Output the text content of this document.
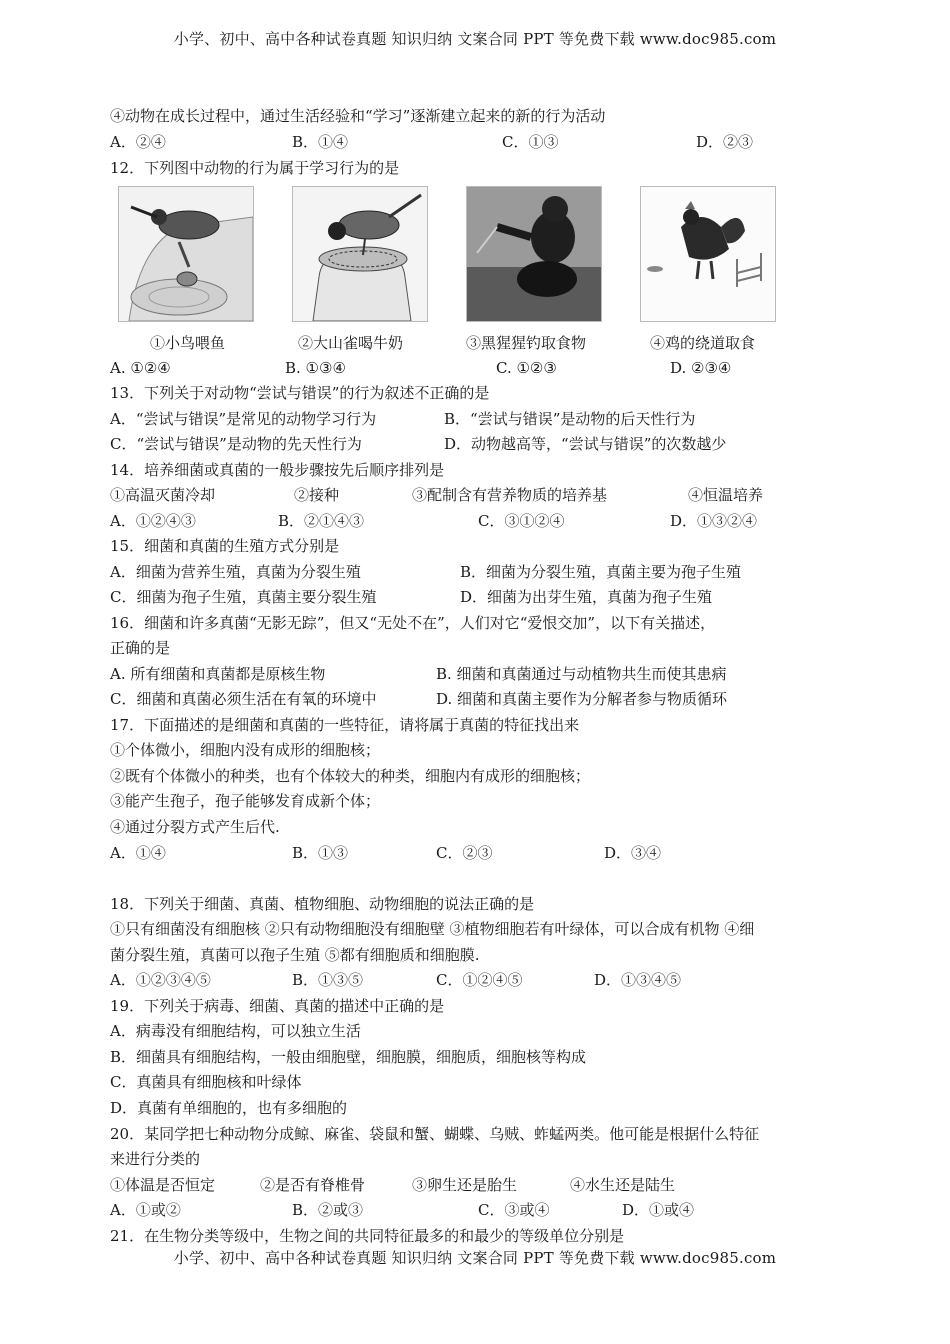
小学、初中、高中各种试卷真题 知识归纳 文案合同 PPT 等免费下载 www.doc985.com
④动物在成长过程中，通过生活经验和“学习”逐渐建立起来的新的行为活动
A．②④	B．①④	C．①③	D．②③
12．下列图中动物的行为属于学习行为的是
①小鸟喂鱼	②大山雀喝牛奶	③黑猩猩钓取食物	④鸡的绕道取食
A. ①②④	B. ①③④	C. ①②③	D. ②③④
13．下列关于对动物“尝试与错误”的行为叙述不正确的是
A．“尝试与错误”是常见的动物学习行为	B．“尝试与错误”是动物的后天性行为
C．“尝试与错误”是动物的先天性行为	D．动物越高等，“尝试与错误”的次数越少
14．培养细菌或真菌的一般步骤按先后顺序排列是
①高温灭菌冷却	②接种	③配制含有营养物质的培养基	④恒温培养
A．①②④③	B．②①④③	C．③①②④	D．①③②④
15．细菌和真菌的生殖方式分别是
A．细菌为营养生殖，真菌为分裂生殖	B．细菌为分裂生殖，真菌主要为孢子生殖
C．细菌为孢子生殖，真菌主要分裂生殖	D．细菌为出芽生殖，真菌为孢子生殖
16．细菌和许多真菌“无影无踪”，但又“无处不在”，人们对它“爱恨交加”，以下有关描述，
正确的是
A. 所有细菌和真菌都是原核生物	B. 细菌和真菌通过与动植物共生而使其患病
C．细菌和真菌必须生活在有氧的环境中	D. 细菌和真菌主要作为分解者参与物质循环
17．下面描述的是细菌和真菌的一些特征，请将属于真菌的特征找出来
①个体微小，细胞内没有成形的细胞核；
②既有个体微小的种类，也有个体较大的种类，细胞内有成形的细胞核；
③能产生孢子，孢子能够发育成新个体；
④通过分裂方式产生后代.
A．①④	B．①③	C．②③	D．③④
18．下列关于细菌、真菌、植物细胞、动物细胞的说法正确的是
①只有细菌没有细胞核 ②只有动物细胞没有细胞壁 ③植物细胞若有叶绿体，可以合成有机物 ④细
菌分裂生殖，真菌可以孢子生殖 ⑤都有细胞质和细胞膜.
A．①②③④⑤	B．①③⑤	C．①②④⑤	D．①③④⑤
19．下列关于病毒、细菌、真菌的描述中正确的是
A．病毒没有细胞结构，可以独立生活
B．细菌具有细胞结构，一般由细胞壁，细胞膜，细胞质，细胞核等构成
C．真菌具有细胞核和叶绿体
D．真菌有单细胞的，也有多细胞的
20．某同学把七种动物分成鲸、麻雀、袋鼠和蟹、蝴蝶、乌贼、蚱蜢两类。他可能是根据什么特征
来进行分类的
①体温是否恒定	②是否有脊椎骨	③卵生还是胎生	④水生还是陆生
A．①或②	B．②或③	C．③或④	D．①或④
21．在生物分类等级中，生物之间的共同特征最多的和最少的等级单位分别是
小学、初中、高中各种试卷真题 知识归纳 文案合同 PPT 等免费下载 www.doc985.com
